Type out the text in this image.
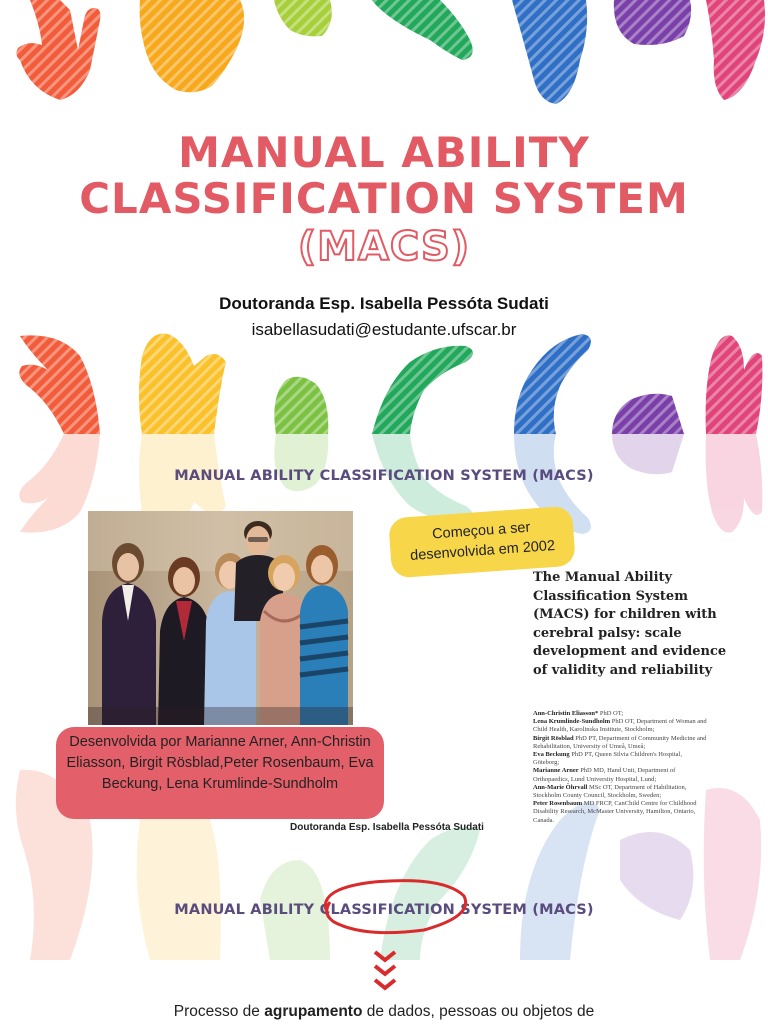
MANUAL ABILITY
CLASSIFICATION SYSTEM
(MACS)
Doutoranda Esp. Isabella Pessóta Sudati
isabellasudati@estudante.ufscar.br
MANUAL ABILITY CLASSIFICATION SYSTEM (MACS)
Começou a ser desenvolvida em 2002
The Manual Ability Classification System (MACS) for children with cerebral palsy: scale development and evidence of validity and reliability
Ann-Christin Eliasson* PhD OT;
Lena Krumlinde-Sundholm PhD OT, Department of Woman and Child Health, Karolinska Institute, Stockholm;
Birgit Rösblad PhD PT, Department of Community Medicine and Rehabilitation, University of Umeå, Umeå;
Eva Beckung PhD PT, Queen Silvia Children's Hospital, Göteborg;
Marianne Arner PhD MD, Hand Unit, Department of Orthopaedics, Lund University Hospital, Lund;
Ann-Marie Öhrvall MSc OT, Department of Habilitation, Stockholm County Council, Stockholm, Sweden;
Peter Rosenbaum MD FRCP, CanChild Centre for Childhood Disability Research, McMaster University, Hamilton, Ontario, Canada.
Desenvolvida por Marianne Arner, Ann-Christin Eliasson, Birgit Rösblad,Peter Rosenbaum, Eva Beckung, Lena Krumlinde-Sundholm
Doutoranda Esp. Isabella Pessóta Sudati
MANUAL ABILITY CLASSIFICATION SYSTEM (MACS)
Processo de agrupamento de dados, pessoas ou objetos de
